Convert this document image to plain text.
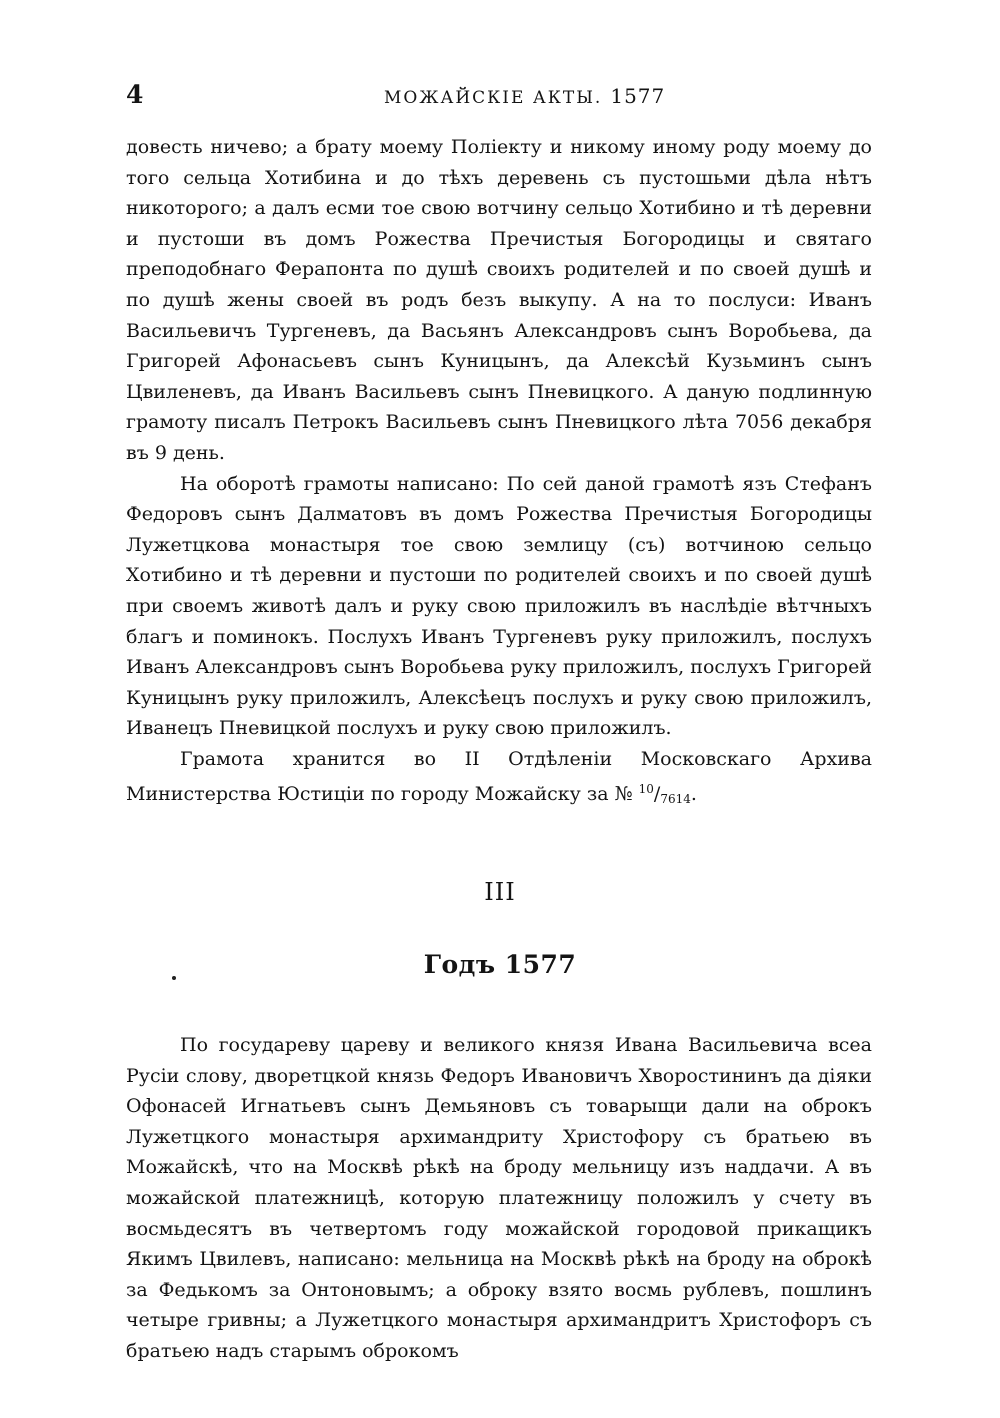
4	МОЖАЙСКІЕ АКТЫ. 1577

довесть ничево; а брату моему Поліекту и никому иному роду моему до того сельца Хотибина и до тѣхъ деревень съ пустошьми дѣла нѣтъ никоторого; а далъ есми тое свою вотчину сельцо Хотибино и тѣ деревни и пустоши въ домъ Рожества Пречистыя Богородицы и святаго преподобнаго Ферапонта по душѣ своихъ родителей и по своей душѣ и по душѣ жены своей въ родъ безъ выкупу. А на то послуси: Иванъ Васильевичъ Тургеневъ, да Васьянъ Александровъ сынъ Воробьева, да Григорей Афонасьевъ сынъ Куницынъ, да Алексѣй Кузьминъ сынъ Цвиленевъ, да Иванъ Васильевъ сынъ Пневицкого. А даную подлинную грамоту писалъ Петрокъ Васильевъ сынъ Пневицкого лѣта 7056 декабря въ 9 день.

На оборотѣ грамоты написано: По сей даной грамотѣ язъ Стефанъ Федоровъ сынъ Далматовъ въ домъ Рожества Пречистыя Богородицы Лужетцкова монастыря тое свою землицу (съ) вотчиною сельцо Хотибино и тѣ деревни и пустоши по родителей своихъ и по своей душѣ при своемъ животѣ далъ и руку свою приложилъ въ наслѣдіе вѣтчныхъ благъ и поминокъ. Послухъ Иванъ Тургеневъ руку приложилъ, послухъ Иванъ Александровъ сынъ Воробьева руку приложилъ, послухъ Григорей Куницынъ руку приложилъ, Алексѣецъ послухъ и руку свою приложилъ, Иванецъ Пневицкой послухъ и руку свою приложилъ.

Грамота хранится во II Отдѣленіи Московскаго Архива Министерства Юстиціи по городу Можайску за № $^{10}/_{7614}$.

III
Годъ 1577

По государеву цареву и великого князя Ивана Васильевича всеа Русіи слову, дворетцкой князь Федоръ Ивановичъ Хворостининъ да діяки Офонасей Игнатьевъ сынъ Демьяновъ съ товарыщи дали на оброкъ Лужетцкого монастыря архимандриту Христофору съ братьею въ Можайскѣ, что на Москвѣ рѣкѣ на броду мельницу изъ наддачи. А въ можайской платежницѣ, которую платежницу положилъ у счету въ восмьдесятъ въ четвертомъ году можайской городовой прикащикъ Якимъ Цвилевъ, написано: мельница на Москвѣ рѣкѣ на броду на оброкѣ за Федькомъ за Онтоновымъ; а оброку взято восмь рублевъ, пошлинъ четыре гривны; а Лужетцкого монастыря архимандритъ Христофоръ съ братьею надъ старымъ оброкомъ
